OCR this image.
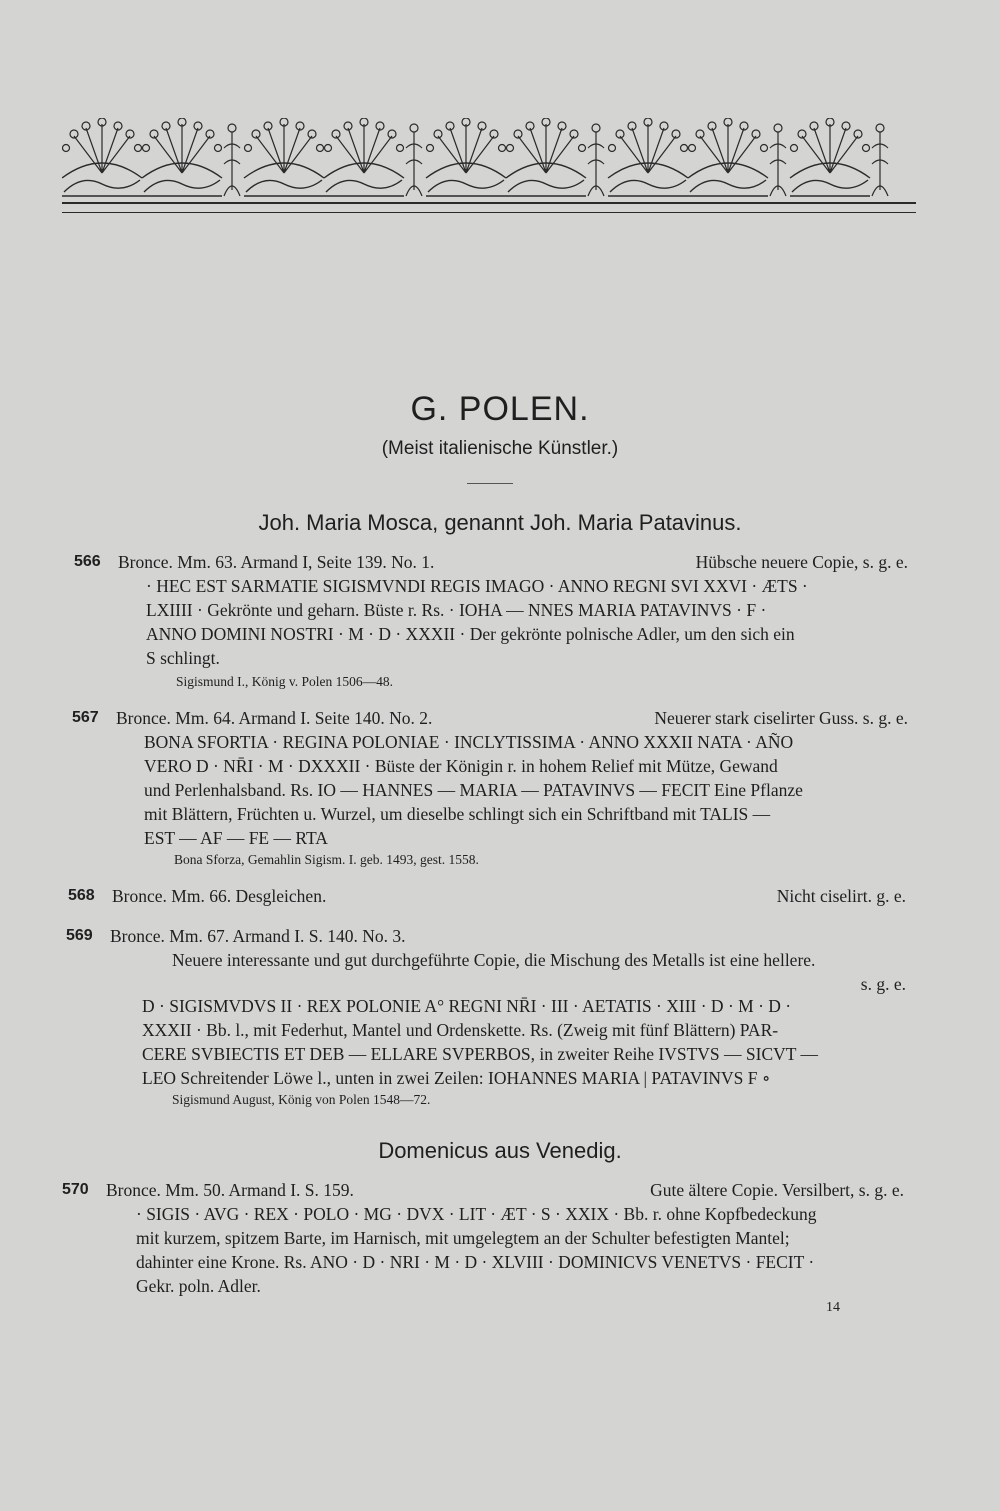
G. POLEN.
(Meist italienische Künstler.)
Joh. Maria Mosca, genannt Joh. Maria Patavinus.
566 Bronce. Mm. 63. Armand I, Seite 139. No. 1.	Hübsche neuere Copie, s. g. e.
· HEC EST SARMATIE SIGISMVNDI REGIS IMAGO · ANNO REGNI SVI XXVI · ÆTS ·
LXIIII · Gekrönte und geharn. Büste r. Rs. · IOHA — NNES MARIA PATAVINVS · F ·
ANNO DOMINI NOSTRI · M · D · XXXII · Der gekrönte polnische Adler, um den sich ein
S schlingt.
Sigismund I., König v. Polen 1506—48.
567 Bronce. Mm. 64. Armand I. Seite 140. No. 2.	Neuerer stark ciselirter Guss. s. g. e.
BONA SFORTIA · REGINA POLONIAE · INCLYTISSIMA · ANNO XXXII NATA · AÑO
VERO D · NR̄I · M · DXXXII · Büste der Königin r. in hohem Relief mit Mütze, Gewand
und Perlenhalsband. Rs. IO — HANNES — MARIA — PATAVINVS — FECIT Eine Pflanze
mit Blättern, Früchten u. Wurzel, um dieselbe schlingt sich ein Schriftband mit TALIS —
EST — AF — FE — RTA
Bona Sforza, Gemahlin Sigism. I. geb. 1493, gest. 1558.
568 Bronce. Mm. 66. Desgleichen.	Nicht ciselirt. g. e.
569 Bronce. Mm. 67. Armand I. S. 140. No. 3.
Neuere interessante und gut durchgeführte Copie, die Mischung des Metalls ist eine hellere.
s. g. e.
D · SIGISMVDVS II · REX POLONIE A° REGNI NR̄I · III · AETATIS · XIII · D · M · D ·
XXXII · Bb. l., mit Federhut, Mantel und Ordenskette. Rs. (Zweig mit fünf Blättern) PAR-
CERE SVBIECTIS ET DEB — ELLARE SVPERBOS, in zweiter Reihe IVSTVS — SICVT —
LEO Schreitender Löwe l., unten in zwei Zeilen: IOHANNES MARIA | PATAVINVS F ∘
Sigismund August, König von Polen 1548—72.
Domenicus aus Venedig.
570 Bronce. Mm. 50. Armand I. S. 159.	Gute ältere Copie. Versilbert, s. g. e.
· SIGIS · AVG · REX · POLO · MG · DVX · LIT · ÆT · S · XXIX · Bb. r. ohne Kopfbedeckung
mit kurzem, spitzem Barte, im Harnisch, mit umgelegtem an der Schulter befestigten Mantel;
dahinter eine Krone. Rs. ANO · D · NRI · M · D · XLVIII · DOMINICVS VENETVS · FECIT ·
Gekr. poln. Adler.
14
